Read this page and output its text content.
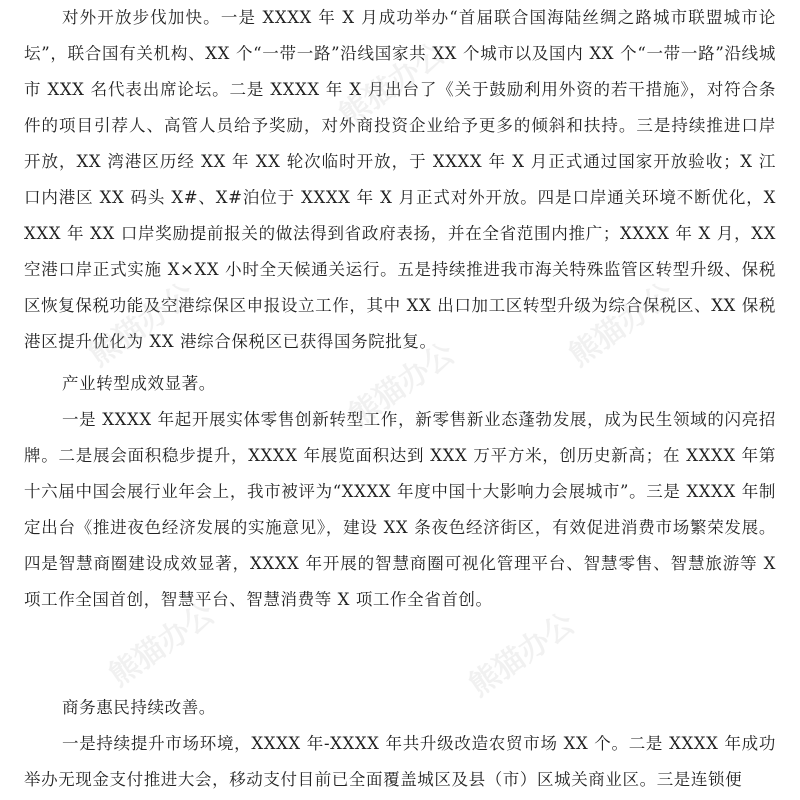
对外开放步伐加快。一是 XXXX 年 X 月成功举办“首届联合国海陆丝绸之路城市联盟城市论坛”，联合国有关机构、XX 个“一带一路”沿线国家共 XX 个城市以及国内 XX 个“一带一路”沿线城市 XXX 名代表出席论坛。二是 XXXX 年 X 月出台了《关于鼓励利用外资的若干措施》，对符合条件的项目引荐人、高管人员给予奖励，对外商投资企业给予更多的倾斜和扶持。三是持续推进口岸开放，XX 湾港区历经 XX 年 XX 轮次临时开放，于 XXXX 年 X 月正式通过国家开放验收；X 江口内港区 XX 码头 X#、X#泊位于 XXXX 年 X 月正式对外开放。四是口岸通关环境不断优化，XXXX 年 XX 口岸奖励提前报关的做法得到省政府表扬，并在全省范围内推广；XXXX 年 X 月，XX 空港口岸正式实施 X×XX 小时全天候通关运行。五是持续推进我市海关特殊监管区转型升级、保税区恢复保税功能及空港综保区申报设立工作，其中 XX 出口加工区转型升级为综合保税区、XX 保税港区提升优化为 XX 港综合保税区已获得国务院批复。

产业转型成效显著。

一是 XXXX 年起开展实体零售创新转型工作，新零售新业态蓬勃发展，成为民生领域的闪亮招牌。二是展会面积稳步提升，XXXX 年展览面积达到 XXX 万平方米，创历史新高；在 XXXX 年第十六届中国会展行业年会上，我市被评为“XXXX 年度中国十大影响力会展城市”。三是 XXXX 年制定出台《推进夜色经济发展的实施意见》，建设 XX 条夜色经济街区，有效促进消费市场繁荣发展。四是智慧商圈建设成效显著，XXXX 年开展的智慧商圈可视化管理平台、智慧零售、智慧旅游等 X 项工作全国首创，智慧平台、智慧消费等 X 项工作全省首创。

商务惠民持续改善。

一是持续提升市场环境，XXXX 年-XXXX 年共升级改造农贸市场 XX 个。二是 XXXX 年成功举办无现金支付推进大会，移动支付目前已全面覆盖城区及县（市）区城关商业区。三是连锁便

熊猫办公
熊猫办公
熊猫办公
熊猫办公
熊猫办公
熊猫办公
